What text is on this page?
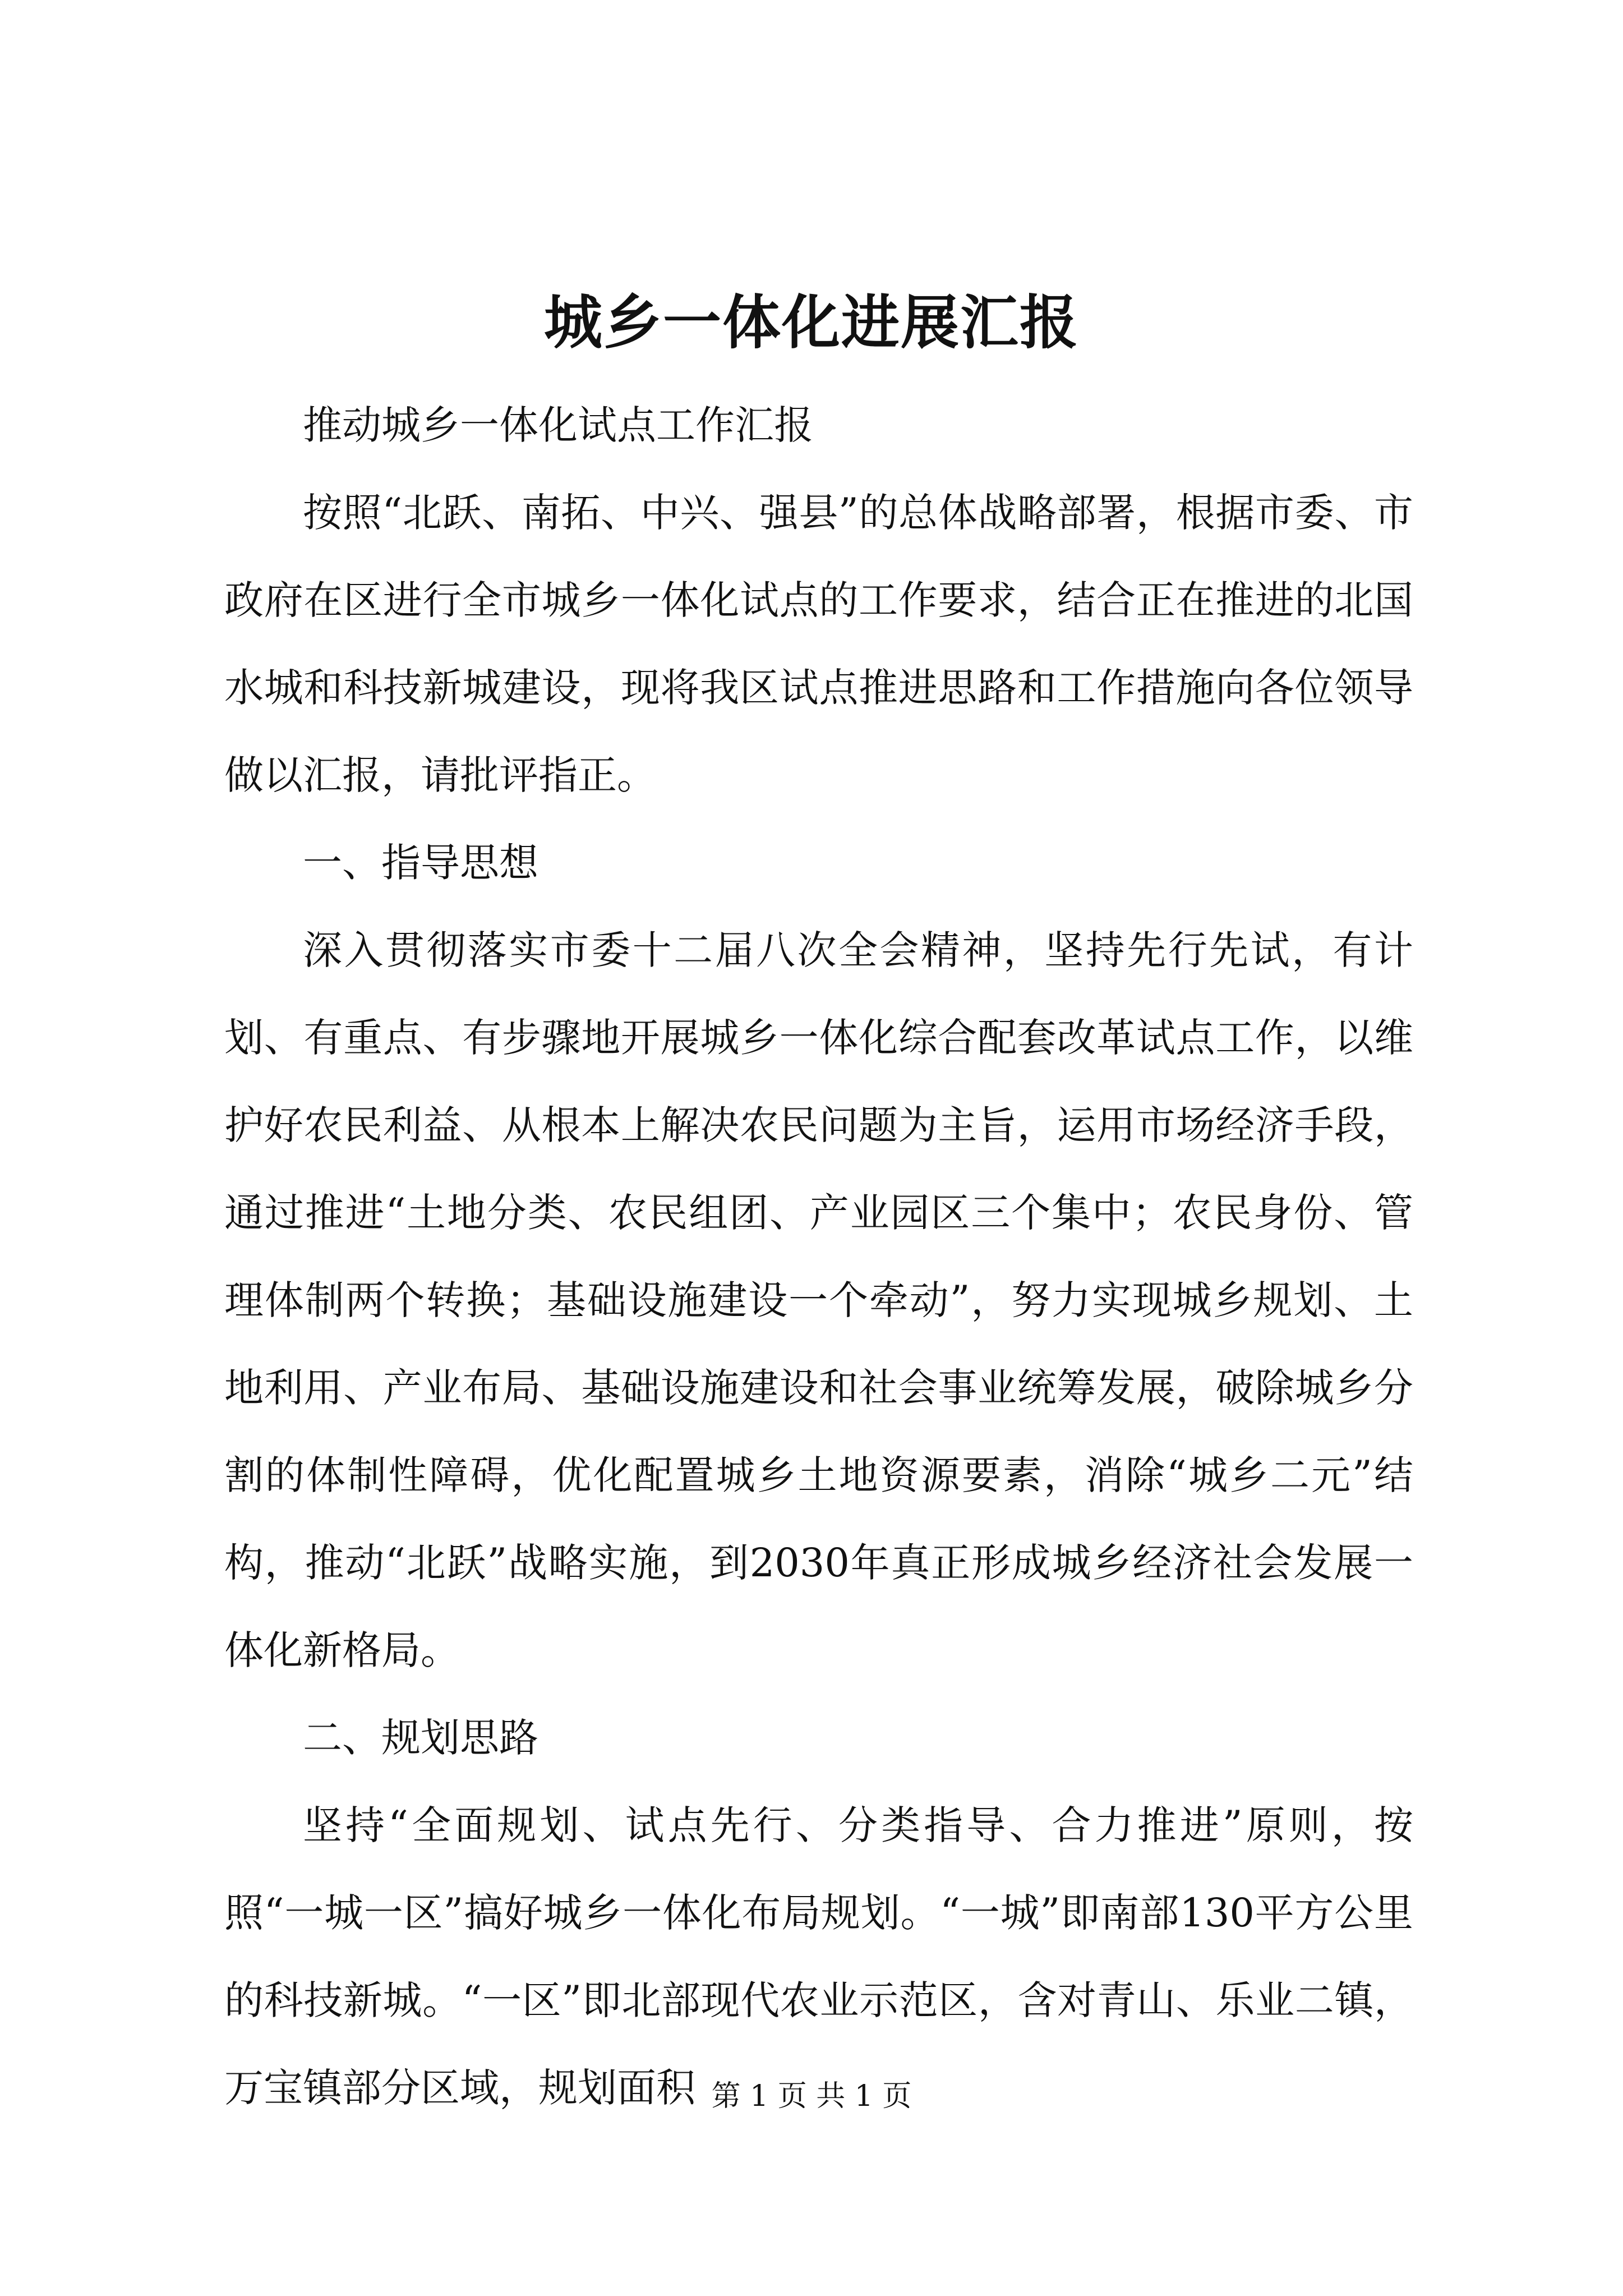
城乡一体化进展汇报

推动城乡一体化试点工作汇报

按照“北跃、南拓、中兴、强县”的总体战略部署，根据市委、市政府在区进行全市城乡一体化试点的工作要求，结合正在推进的北国水城和科技新城建设，现将我区试点推进思路和工作措施向各位领导做以汇报，请批评指正。

一、指导思想

深入贯彻落实市委十二届八次全会精神，坚持先行先试，有计划、有重点、有步骤地开展城乡一体化综合配套改革试点工作，以维护好农民利益、从根本上解决农民问题为主旨，运用市场经济手段，通过推进“土地分类、农民组团、产业园区三个集中；农民身份、管理体制两个转换；基础设施建设一个牵动”，努力实现城乡规划、土地利用、产业布局、基础设施建设和社会事业统筹发展，破除城乡分割的体制性障碍，优化配置城乡土地资源要素，消除“城乡二元”结构，推动“北跃”战略实施，到2030年真正形成城乡经济社会发展一体化新格局。

二、规划思路

坚持“全面规划、试点先行、分类指导、合力推进”原则，按照“一城一区”搞好城乡一体化布局规划。“一城”即南部130平方公里的科技新城。“一区”即北部现代农业示范区，含对青山、乐业二镇，万宝镇部分区域，规划面积 第 1 页 共 1 页
